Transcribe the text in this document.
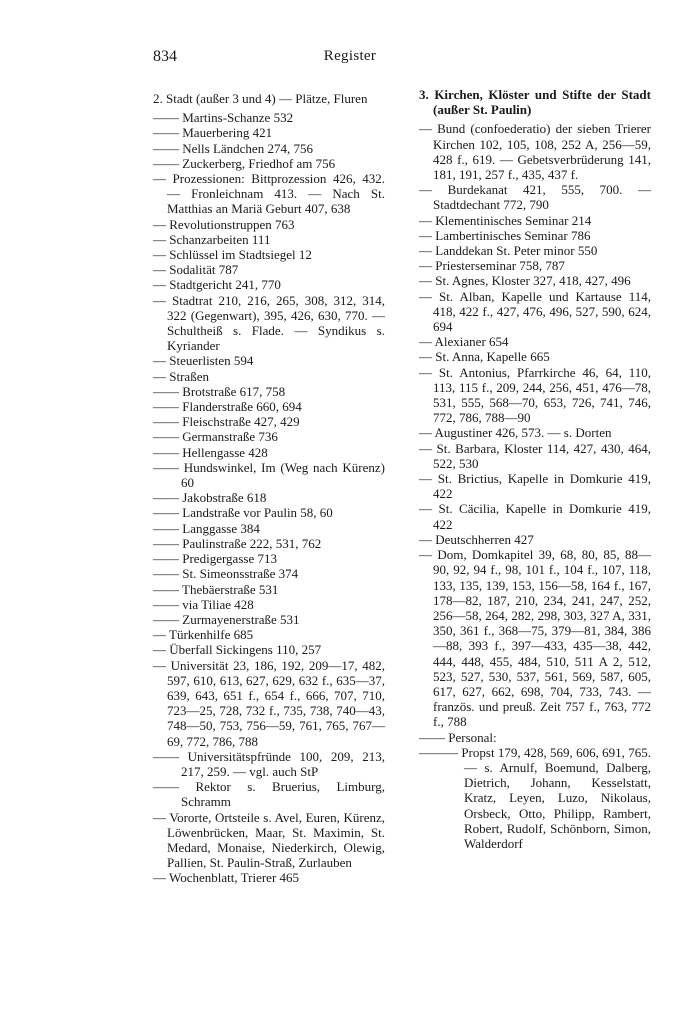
834	Register
2. Stadt (außer 3 und 4) — Plätze, Fluren
—— Martins-Schanze 532
—— Mauerbering 421
—— Nells Ländchen 274, 756
—— Zuckerberg, Friedhof am 756
— Prozessionen: Bittprozession 426, 432. — Fronleichnam 413. — Nach St. Matthias an Mariä Geburt 407, 638
— Revolutionstruppen 763
— Schanzarbeiten 111
— Schlüssel im Stadtsiegel 12
— Sodalität 787
— Stadtgericht 241, 770
— Stadtrat 210, 216, 265, 308, 312, 314, 322 (Gegenwart), 395, 426, 630, 770. — Schultheiß s. Flade. — Syndikus s. Kyriander
— Steuerlisten 594
— Straßen
—— Brotstraße 617, 758
—— Flanderstraße 660, 694
—— Fleischstraße 427, 429
—— Germanstraße 736
—— Hellengasse 428
—— Hundswinkel, Im (Weg nach Kürenz) 60
—— Jakobstraße 618
—— Landstraße vor Paulin 58, 60
—— Langgasse 384
—— Paulinstraße 222, 531, 762
—— Predigergasse 713
—— St. Simeonsstraße 374
—— Thebäerstraße 531
—— via Tiliae 428
—— Zurmayenerstraße 531
— Türkenhilfe 685
— Überfall Sickingens 110, 257
— Universität 23, 186, 192, 209—17, 482, 597, 610, 613, 627, 629, 632 f., 635—37, 639, 643, 651 f., 654 f., 666, 707, 710, 723—25, 728, 732 f., 735, 738, 740—43, 748—50, 753, 756—59, 761, 765, 767—69, 772, 786, 788
—— Universitätspfründe 100, 209, 213, 217, 259. — vgl. auch StP
—— Rektor s. Bruerius, Limburg, Schramm
— Vororte, Ortsteile s. Avel, Euren, Kürenz, Löwenbrücken, Maar, St. Maximin, St. Medard, Monaise, Niederkirch, Olewig, Pallien, St. Paulin-Straß, Zurlauben
— Wochenblatt, Trierer 465
3. Kirchen, Klöster und Stifte der Stadt (außer St. Paulin)
— Bund (confoederatio) der sieben Trierer Kirchen 102, 105, 108, 252 A, 256—59, 428 f., 619. — Gebetsverbrüderung 141, 181, 191, 257 f., 435, 437 f.
— Burdekanat 421, 555, 700. — Stadtdechant 772, 790
— Klementinisches Seminar 214
— Lambertinisches Seminar 786
— Landdekan St. Peter minor 550
— Priesterseminar 758, 787
— St. Agnes, Kloster 327, 418, 427, 496
— St. Alban, Kapelle und Kartause 114, 418, 422 f., 427, 476, 496, 527, 590, 624, 694
— Alexianer 654
— St. Anna, Kapelle 665
— St. Antonius, Pfarrkirche 46, 64, 110, 113, 115 f., 209, 244, 256, 451, 476—78, 531, 555, 568—70, 653, 726, 741, 746, 772, 786, 788—90
— Augustiner 426, 573. — s. Dorten
— St. Barbara, Kloster 114, 427, 430, 464, 522, 530
— St. Brictius, Kapelle in Domkurie 419, 422
— St. Cäcilia, Kapelle in Domkurie 419, 422
— Deutschherren 427
— Dom, Domkapitel 39, 68, 80, 85, 88—90, 92, 94 f., 98, 101 f., 104 f., 107, 118, 133, 135, 139, 153, 156—58, 164 f., 167, 178—82, 187, 210, 234, 241, 247, 252, 256—58, 264, 282, 298, 303, 327 A, 331, 350, 361 f., 368—75, 379—81, 384, 386—88, 393 f., 397—433, 435—38, 442, 444, 448, 455, 484, 510, 511 A 2, 512, 523, 527, 530, 537, 561, 569, 587, 605, 617, 627, 662, 698, 704, 733, 743. — französ. und preuß. Zeit 757 f., 763, 772 f., 788
—— Personal:
——— Propst 179, 428, 569, 606, 691, 765. — s. Arnulf, Boemund, Dalberg, Dietrich, Johann, Kesselstatt, Kratz, Leyen, Luzo, Nikolaus, Orsbeck, Otto, Philipp, Rambert, Robert, Rudolf, Schönborn, Simon, Walderdorf
